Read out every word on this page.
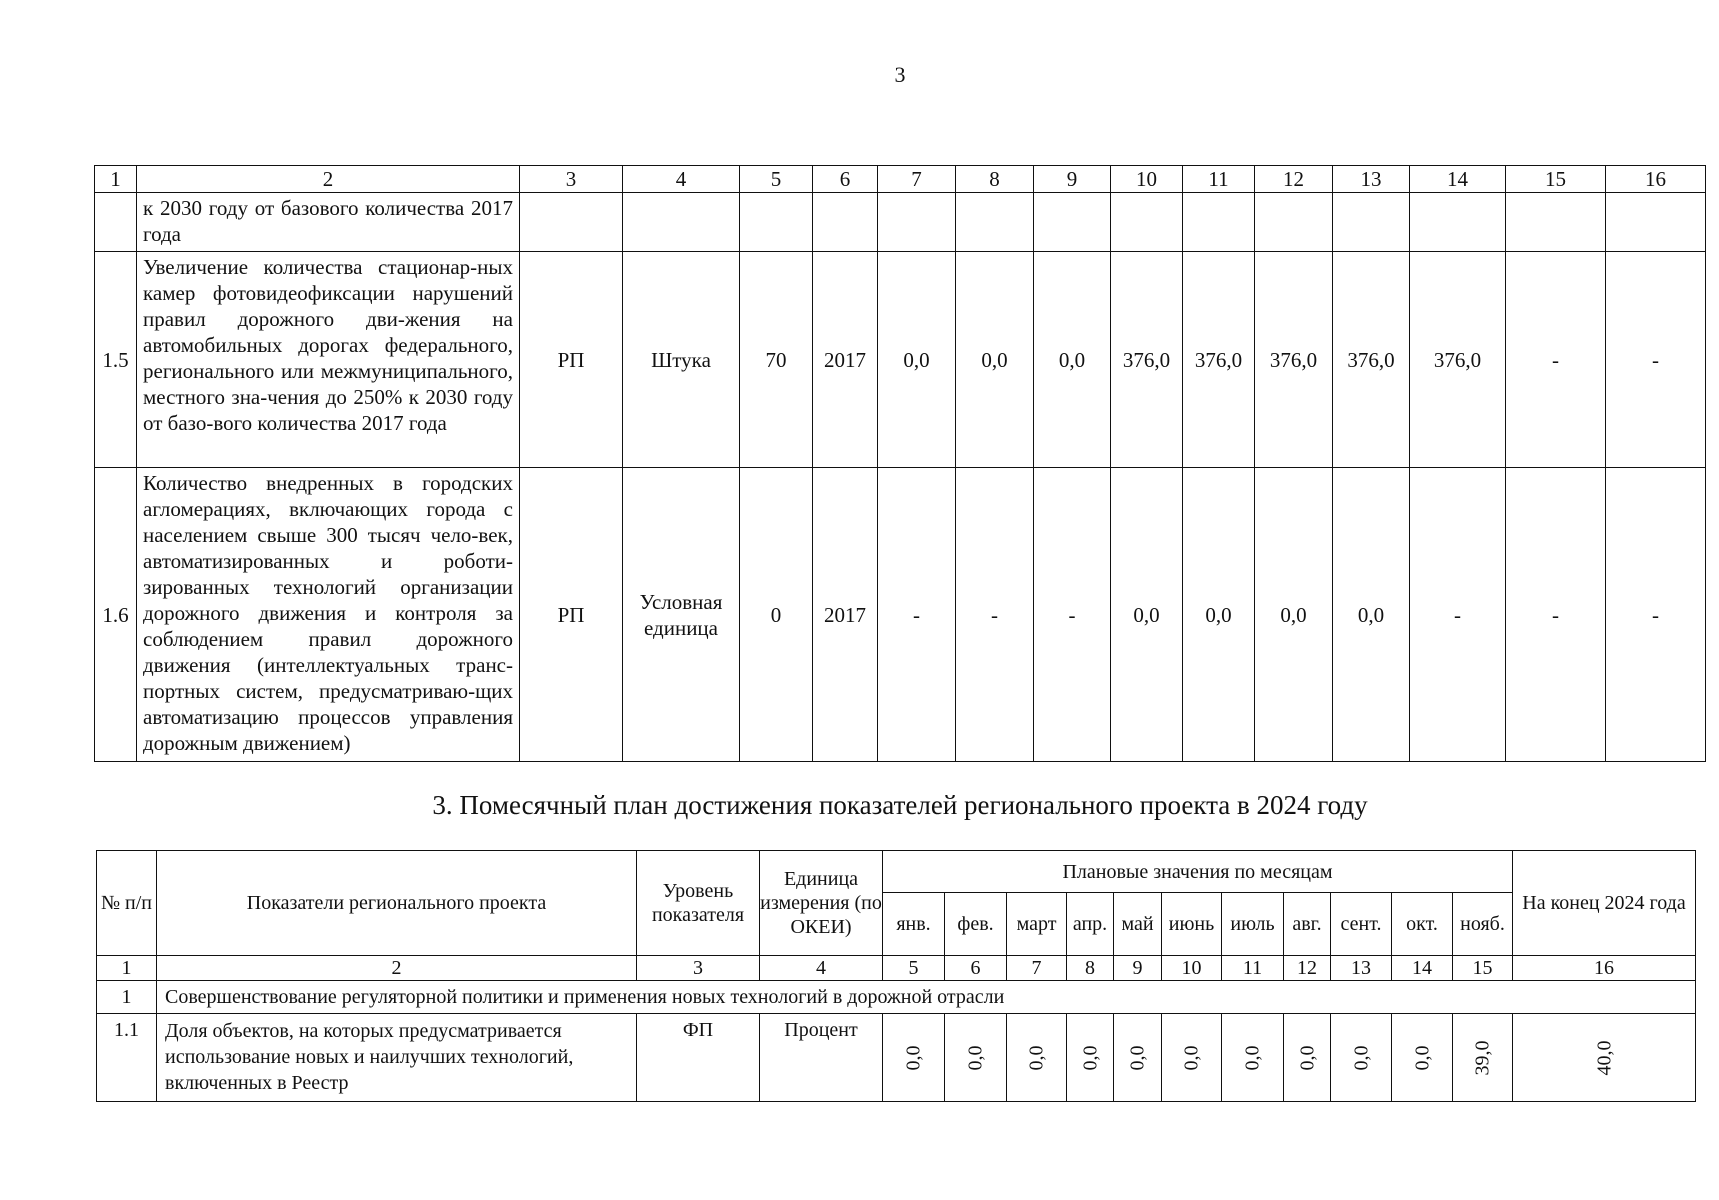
3
1	2	3	4	5	6	7	8	9	10	11	12	13	14	15	16
	к 2030 году от базового количества 2017 года														
1.5	Увеличение количества стационар-ных камер фотовидеофиксации нарушений правил дорожного дви-жения на автомобильных дорогах федерального, регионального или межмуниципального, местного зна-чения до 250% к 2030 году от базо-вого количества 2017 года	РП	Штука	70	2017	0,0	0,0	0,0	376,0	376,0	376,0	376,0	376,0	-	-
1.6	Количество внедренных в городских агломерациях, включающих города с населением свыше 300 тысяч чело-век, автоматизированных и роботи-зированных технологий организации дорожного движения и контроля за соблюдением правил дорожного движения (интеллектуальных транс-портных систем, предусматриваю-щих автоматизацию процессов управления дорожным движением)	РП	Условная единица	0	2017	-	-	-	0,0	0,0	0,0	0,0	-	-	-
3. Помесячный план достижения показателей регионального проекта в 2024 году
№ п/п	Показатели регионального проекта	Уровень показателя	Единица измерения (по ОКЕИ)	Плановые значения по месяцам											На конец 2024 года
				янв.	фев.	март	апр.	май	июнь	июль	авг.	сент.	окт.	нояб.	
1	2	3	4	5	6	7	8	9	10	11	12	13	14	15	16
1	Совершенствование регуляторной политики и применения новых технологий в дорожной отрасли														
1.1	Доля объектов, на которых предусматривается использование новых и наилучших технологий, включенных в Реестр	ФП	Процент	0,0	0,0	0,0	0,0	0,0	0,0	0,0	0,0	0,0	0,0	39,0	40,0
